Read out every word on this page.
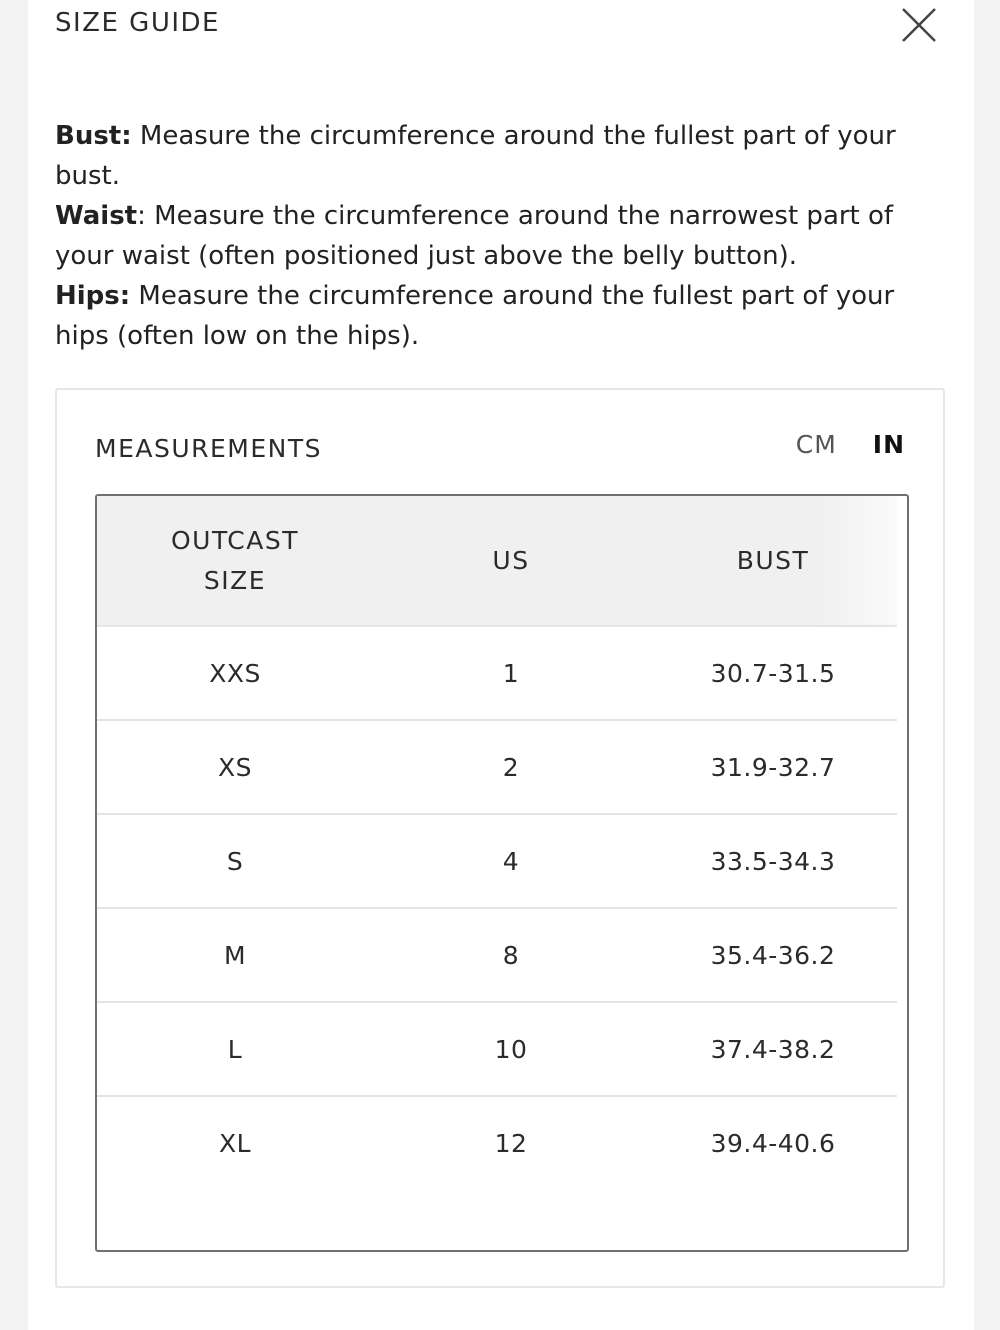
SIZE GUIDE

Bust: Measure the circumference around the fullest part of your bust.

Waist: Measure the circumference around the narrowest part of your waist (often positioned just above the belly button).

Hips: Measure the circumference around the fullest part of your hips (often low on the hips).

MEASUREMENTS	CM IN
OUTCAST
SIZE	US	BUST
XXS	1	30.7-31.5
XS	2	31.9-32.7
S	4	33.5-34.3
M	8	35.4-36.2
L	10	37.4-38.2
XL	12	39.4-40.6
